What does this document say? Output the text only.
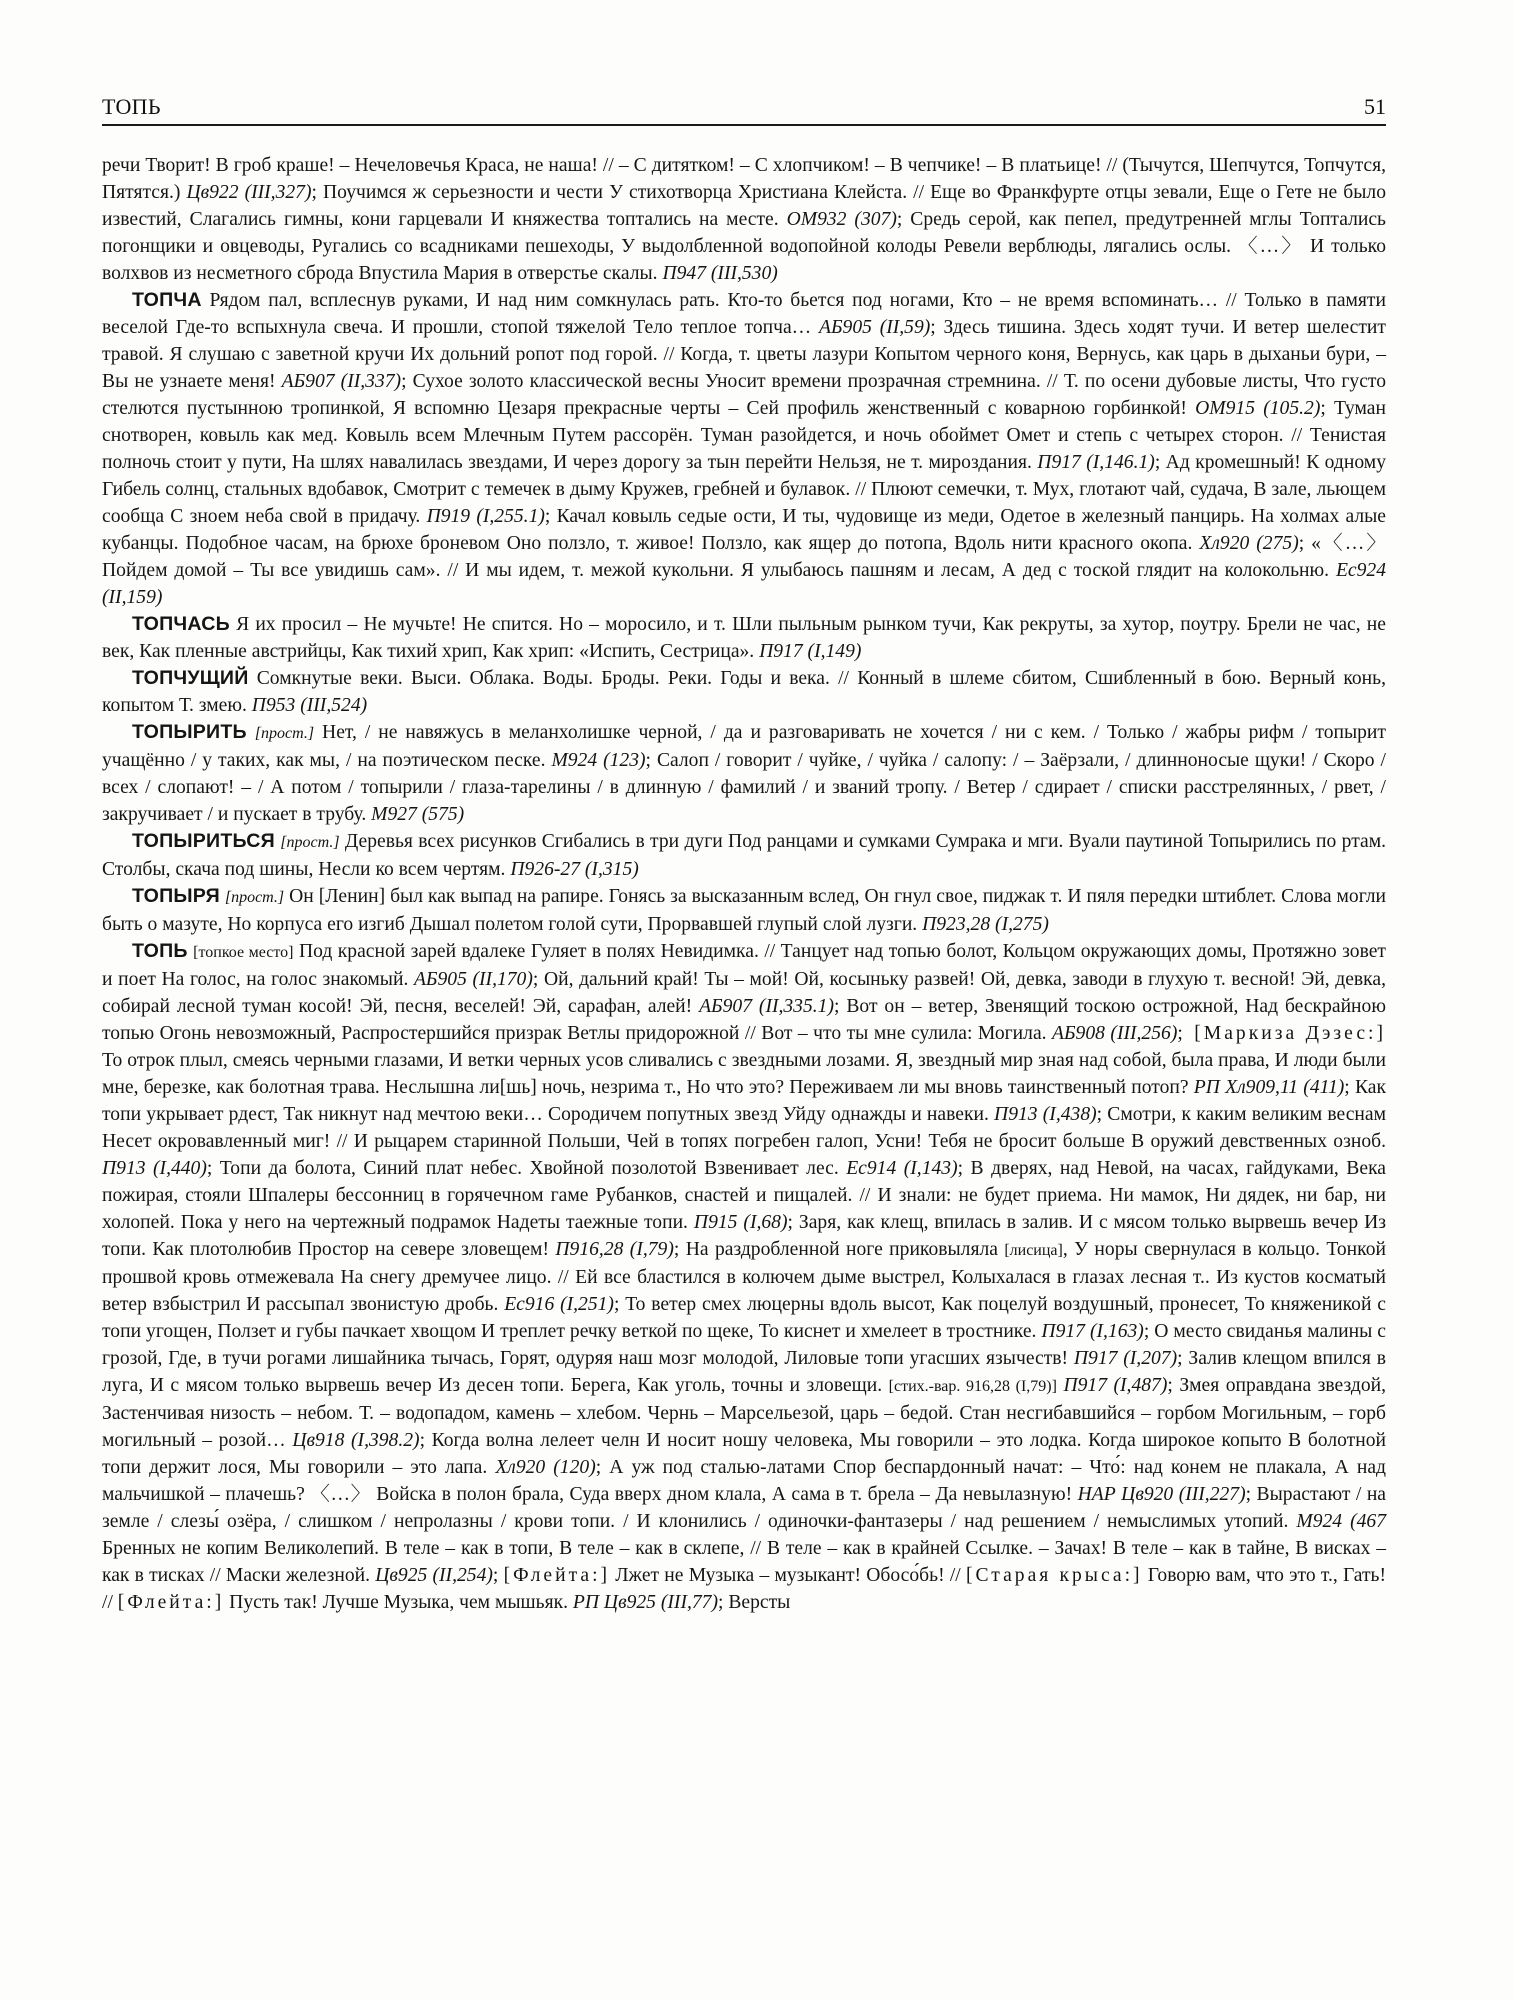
ТОПЬ	51

речи Творит! В гроб краше! – Нечеловечья Краса, не наша! // – С дитятком! – С хлопчиком! – В чепчике! – В платьице! // (Тычутся, Шепчутся, Топчутся, Пятятся.) Цв922 (III,327); Поучимся ж серьезности и чести У стихотворца Христиана Клейста. // Еще во Франкфурте отцы зевали, Еще о Гете не было известий, Слагались гимны, кони гарцевали И княжества топтались на месте. ОМ932 (307); Средь серой, как пепел, предутренней мглы Топтались погонщики и овцеводы, Ругались со всадниками пешеходы, У выдолбленной водопойной колоды Ревели верблюды, лягались ослы. 〈…〉 И только волхвов из несметного сброда Впустила Мария в отверстье скалы. П947 (III,530)

ТОПЧА Рядом пал, всплеснув руками, И над ним сомкнулась рать. Кто-то бьется под ногами, Кто – не время вспоминать… // Только в памяти веселой Где-то вспыхнула свеча. И прошли, стопой тяжелой Тело теплое топча… АБ905 (II,59); Здесь тишина. Здесь ходят тучи. И ветер шелестит травой. Я слушаю с заветной кручи Их дольний ропот под горой. // Когда, т. цветы лазури Копытом черного коня, Вернусь, как царь в дыханьи бури, – Вы не узнаете меня! АБ907 (II,337); Сухое золото классической весны Уносит времени прозрачная стремнина. // Т. по осени дубовые листы, Что густо стелются пустынною тропинкой, Я вспомню Цезаря прекрасные черты – Сей профиль женственный с коварною горбинкой! ОМ915 (105.2); Туман снотворен, ковыль как мед. Ковыль всем Млечным Путем рассорён. Туман разойдется, и ночь обоймет Омет и степь с четырех сторон. // Тенистая полночь стоит у пути, На шлях навалилась звездами, И через дорогу за тын перейти Нельзя, не т. мироздания. П917 (I,146.1); Ад кромешный! К одному Гибель солнц, стальных вдобавок, Смотрит с темечек в дыму Кружев, гребней и булавок. // Плюют семечки, т. Мух, глотают чай, судача, В зале, льющем сообща С зноем неба свой в придачу. П919 (I,255.1); Качал ковыль седые ости, И ты, чудовище из меди, Одетое в железный панцирь. На холмах алые кубанцы. Подобное часам, на брюхе броневом Оно ползло, т. живое! Ползло, как ящер до потопа, Вдоль нити красного окопа. Хл920 (275); «〈…〉 Пойдем домой – Ты все увидишь сам». // И мы идем, т. межой кукольни. Я улыбаюсь пашням и лесам, А дед с тоской глядит на колокольню. Ес924 (II,159)

ТОПЧАСЬ Я их просил – Не мучьте! Не спится. Но – моросило, и т. Шли пыльным рынком тучи, Как рекруты, за хутор, поутру. Брели не час, не век, Как пленные австрийцы, Как тихий хрип, Как хрип: «Испить, Сестрица». П917 (I,149)

ТОПЧУЩИЙ Сомкнутые веки. Выси. Облака. Воды. Броды. Реки. Годы и века. // Конный в шлеме сбитом, Сшибленный в бою. Верный конь, копытом Т. змею. П953 (III,524)

ТОПЫРИТЬ [прост.] Нет, / не навяжусь в меланхолишке черной, / да и разговаривать не хочется / ни с кем. / Только / жабры рифм / топырит учащённо / у таких, как мы, / на поэтическом песке. М924 (123); Салоп / говорит / чуйке, / чуйка / салопу: / – Заёрзали, / длинноносые щуки! / Скоро / всех / слопают! – / А потом / топырили / глаза-тарелины / в длинную / фамилий / и званий тропу. / Ветер / сдирает / списки расстрелянных, / рвет, / закручивает / и пускает в трубу. М927 (575)

ТОПЫРИТЬСЯ [прост.] Деревья всех рисунков Сгибались в три дуги Под ранцами и сумками Сумрака и мги. Вуали паутиной Топырились по ртам. Столбы, скача под шины, Несли ко всем чертям. П926-27 (I,315)

ТОПЫРЯ [прост.] Он [Ленин] был как выпад на рапире. Гонясь за высказанным вслед, Он гнул свое, пиджак т. И пяля передки штиблет. Слова могли быть о мазуте, Но корпуса его изгиб Дышал полетом голой сути, Прорвавшей глупый слой лузги. П923,28 (I,275)

ТОПЬ [топкое место] Под красной зарей вдалеке Гуляет в полях Невидимка. // Танцует над топью болот, Кольцом окружающих домы, Протяжно зовет и поет На голос, на голос знакомый. АБ905 (II,170); Ой, дальний край! Ты – мой! Ой, косыньку развей! Ой, девка, заводи в глухую т. весной! Эй, девка, собирай лесной туман косой! Эй, песня, веселей! Эй, сарафан, алей! АБ907 (II,335.1); Вот он – ветер, Звенящий тоскою острожной, Над бескрайною топью Огонь невозможный, Распростершийся призрак Ветлы придорожной // Вот – что ты мне сулила: Могила. АБ908 (III,256); [Маркиза Дэзес:] То отрок плыл, смеясь черными глазами, И ветки черных усов сливались с звездными лозами. Я, звездный мир зная над собой, была права, И люди были мне, березке, как болотная трава. Неслышна ли[шь] ночь, незрима т., Но что это? Переживаем ли мы вновь таинственный потоп? РП Хл909,11 (411); Как топи укрывает рдест, Так никнут над мечтою веки… Сородичем попутных звезд Уйду однажды и навеки. П913 (I,438); Смотри, к каким великим веснам Несет окровавленный миг! // И рыцарем старинной Польши, Чей в топях погребен галоп, Усни! Тебя не бросит больше В оружий девственных озноб. П913 (I,440); Топи да болота, Синий плат небес. Хвойной позолотой Взвенивает лес. Ес914 (I,143); В дверях, над Невой, на часах, гайдуками, Века пожирая, стояли Шпалеры бессонниц в горячечном гаме Рубанков, снастей и пищалей. // И знали: не будет приема. Ни мамок, Ни дядек, ни бар, ни холопей. Пока у него на чертежный подрамок Надеты таежные топи. П915 (I,68); Заря, как клещ, впилась в залив. И с мясом только вырвешь вечер Из топи. Как плотолюбив Простор на севере зловещем! П916,28 (I,79); На раздробленной ноге приковыляла [лисица], У норы свернулася в кольцо. Тонкой прошвой кровь отмежевала На снегу дремучее лицо. // Ей все бластился в колючем дыме выстрел, Колыхалася в глазах лесная т.. Из кустов косматый ветер взбыстрил И рассыпал звонистую дробь. Ес916 (I,251); То ветер смех люцерны вдоль высот, Как поцелуй воздушный, пронесет, То княженикой с топи угощен, Ползет и губы пачкает хвощом И треплет речку веткой по щеке, То киснет и хмелеет в тростнике. П917 (I,163); О место свиданья малины с грозой, Где, в тучи рогами лишайника тычась, Горят, одуряя наш мозг молодой, Лиловые топи угасших язычеств! П917 (I,207); Залив клещом впился в луга, И с мясом только вырвешь вечер Из десен топи. Берега, Как уголь, точны и зловещи. [стих.-вар. 916,28 (I,79)] П917 (I,487); Змея оправдана звездой, Застенчивая низость – небом. Т. – водопадом, камень – хлебом. Чернь – Марсельезой, царь – бедой. Стан несгибавшийся – горбом Могильным, – горб могильный – розой… Цв918 (I,398.2); Когда волна лелеет челн И носит ношу человека, Мы говорили – это лодка. Когда широкое копыто В болотной топи держит лося, Мы говорили – это лапа. Хл920 (120); А уж под сталью-латами Спор беспардонный начат: – Что́: над конем не плакала, А над мальчишкой – плачешь? 〈…〉 Войска в полон брала, Суда вверх дном клала, А сама в т. брела – Да невылазную! НАР Цв920 (III,227); Вырастают / на земле / слезы́ озёра, / слишком / непролазны / крови топи. / И клонились / одиночки-фантазеры / над решением / немыслимых утопий. М924 (467 Бренных не копим Великолепий. В теле – как в топи, В теле – как в склепе, // В теле – как в крайней Ссылке. – Зачах! В теле – как в тайне, В висках – как в тисках // Маски железной. Цв925 (II,254); [Флейта:] Лжет не Музыка – музыкант! Обосо́бь! // [Старая крыса:] Говорю вам, что это т., Гать! // [Флейта:] Пусть так! Лучше Музыка, чем мышьяк. РП Цв925 (III,77); Версты
